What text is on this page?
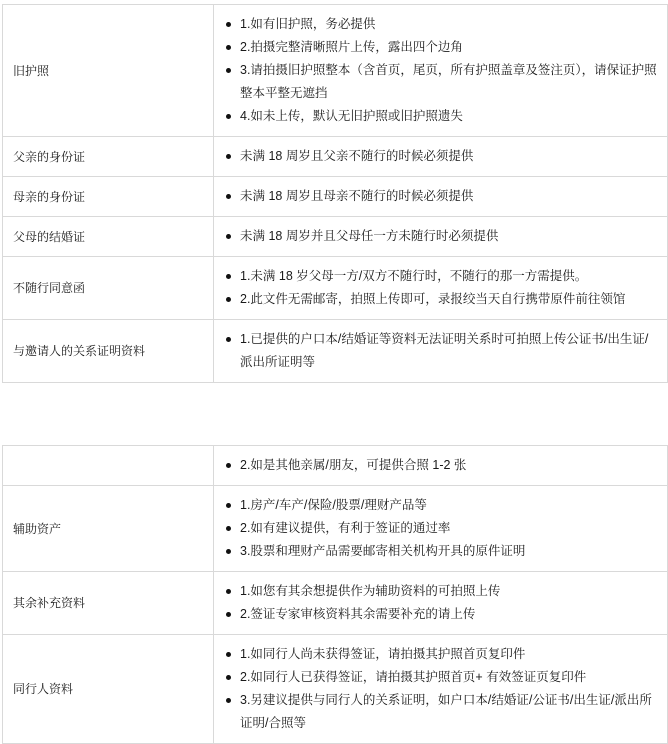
旧护照	
1.如有旧护照，务必提供
2.拍摄完整清晰照片上传，露出四个边角
3.请拍摄旧护照整本（含首页，尾页，所有护照盖章及签注页），请保证护照整本平整无遮挡
4.如未上传，默认无旧护照或旧护照遗失

父亲的身份证	未满 18 周岁且父亲不随行的时候必须提供

母亲的身份证	未满 18 周岁且母亲不随行的时候必须提供

父母的结婚证	未满 18 周岁并且父母任一方未随行时必须提供

不随行同意函	
1.未满 18 岁父母一方/双方不随行时，不随行的那一方需提供。
2.此文件无需邮寄，拍照上传即可，录报绞当天自行携带原件前往领馆

与邀请人的关系证明资料	
1.已提供的户口本/结婚证等资料无法证明关系时可拍照上传公证书/出生证/派出所证明等

2.如是其他亲属/朋友，可提供合照 1-2 张

辅助资产	
1.房产/车产/保险/股票/理财产品等
2.如有建议提供，有利于签证的通过率
3.股票和理财产品需要邮寄相关机构开具的原件证明

其余补充资料	
1.如您有其余想提供作为辅助资料的可拍照上传
2.签证专家审核资料其余需要补充的请上传

同行人资料	
1.如同行人尚未获得签证，请拍摄其护照首页复印件
2.如同行人已获得签证，请拍摄其护照首页+ 有效签证页复印件
3.另建议提供与同行人的关系证明，如户口本/结婚证/公证书/出生证/派出所证明/合照等
